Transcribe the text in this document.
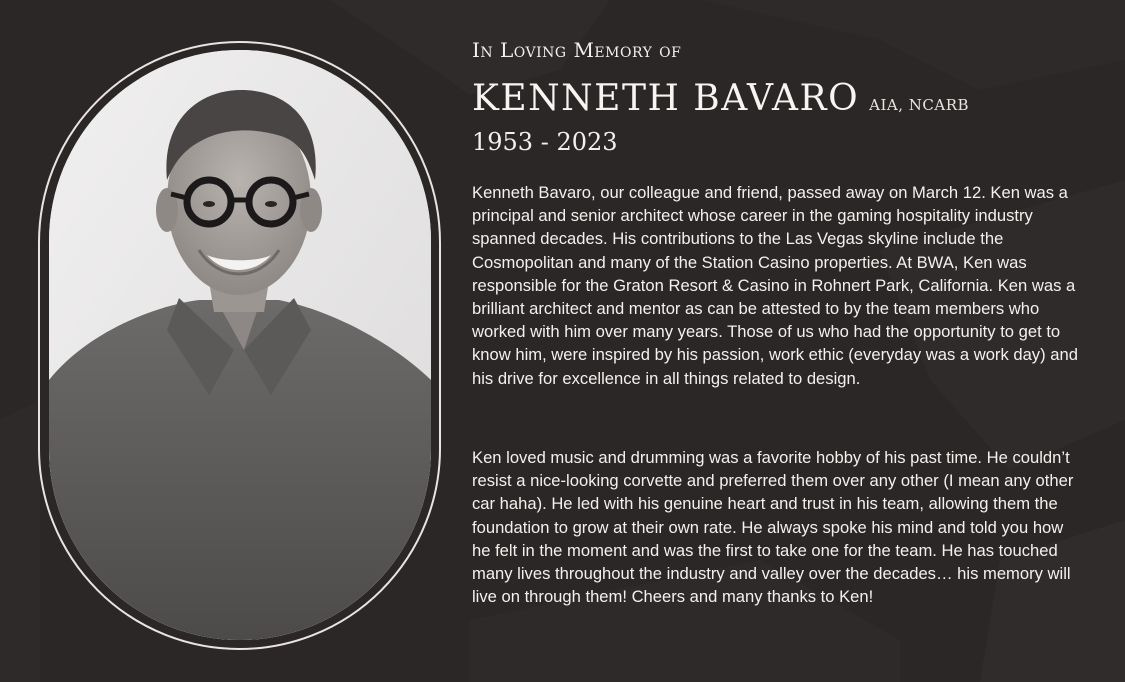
In Loving Memory of
KENNETH BAVARO AIA, NCARB
1953 - 2023

Kenneth Bavaro, our colleague and friend, passed away on March 12. Ken was a principal and senior architect whose career in the gaming hospitality industry spanned decades. His contributions to the Las Vegas skyline include the Cosmopolitan and many of the Station Casino properties. At BWA, Ken was responsible for the Graton Resort & Casino in Rohnert Park, California. Ken was a brilliant architect and mentor as can be attested to by the team members who worked with him over many years. Those of us who had the opportunity to get to know him, were inspired by his passion, work ethic (everyday was a work day) and his drive for excellence in all things related to design.

Ken loved music and drumming was a favorite hobby of his past time. He couldn’t resist a nice-looking corvette and preferred them over any other (I mean any other car haha). He led with his genuine heart and trust in his team, allowing them the foundation to grow at their own rate. He always spoke his mind and told you how he felt in the moment and was the first to take one for the team. He has touched many lives throughout the industry and valley over the decades… his memory will live on through them! Cheers and many thanks to Ken!
